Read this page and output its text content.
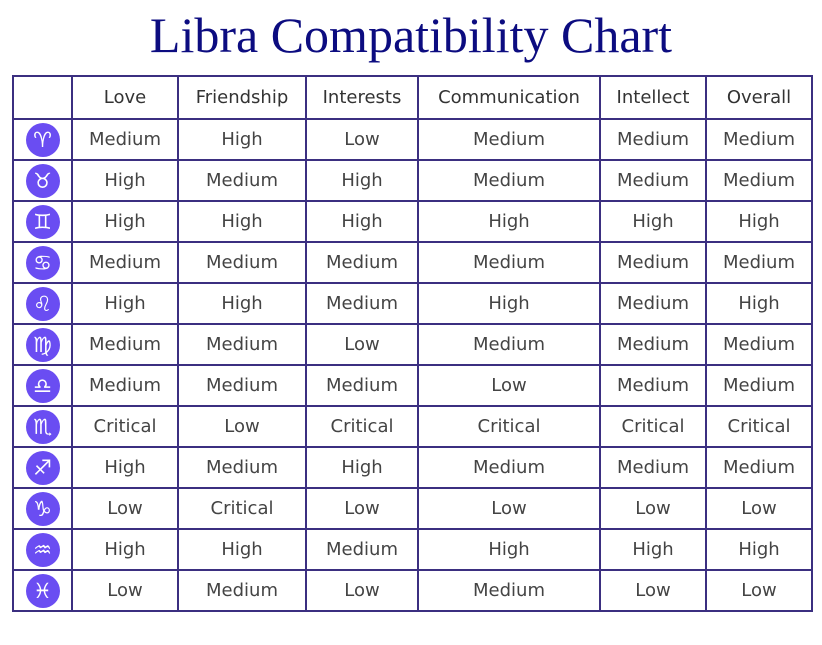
Libra Compatibility Chart
	Love	Friendship	Interests	Communication	Intellect	Overall
♈	Medium	High	Low	Medium	Medium	Medium
♉	High	Medium	High	Medium	Medium	Medium
♊	High	High	High	High	High	High
♋	Medium	Medium	Medium	Medium	Medium	Medium
♌	High	High	Medium	High	Medium	High
♍	Medium	Medium	Low	Medium	Medium	Medium
♎	Medium	Medium	Medium	Low	Medium	Medium
♏	Critical	Low	Critical	Critical	Critical	Critical
♐	High	Medium	High	Medium	Medium	Medium
♑	Low	Critical	Low	Low	Low	Low
♒	High	High	Medium	High	High	High
♓	Low	Medium	Low	Medium	Low	Low
